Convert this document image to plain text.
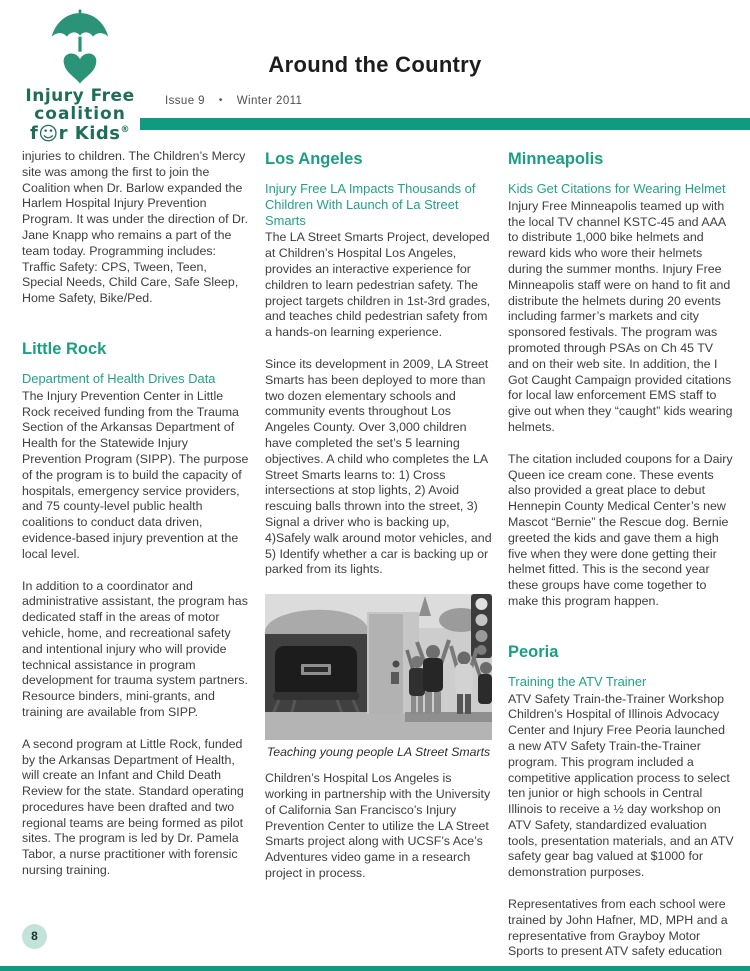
Injury Free
coalition
f☺r Kids®
Around the Country
Issue 9 • Winter 2011

injuries to children. The Children’s Mercy site was among the first to join the Coalition when Dr. Barlow expanded the Harlem Hospital Injury Prevention Program. It was under the direction of Dr. Jane Knapp who remains a part of the team today. Programming includes: Traffic Safety: CPS, Tween, Teen, Special Needs, Child Care, Safe Sleep, Home Safety, Bike/Ped.

Little Rock
Department of Health Drives Data

The Injury Prevention Center in Little Rock received funding from the Trauma Section of the Arkansas Department of Health for the Statewide Injury Prevention Program (SIPP). The purpose of the program is to build the capacity of hospitals, emergency service providers, and 75 county-level public health coalitions to conduct data driven, evidence-based injury prevention at the local level.

In addition to a coordinator and administrative assistant, the program has dedicated staff in the areas of motor vehicle, home, and recreational safety and intentional injury who will provide technical assistance in program development for trauma system partners. Resource binders, mini-grants, and training are available from SIPP.

A second program at Little Rock, funded by the Arkansas Department of Health, will create an Infant and Child Death Review for the state. Standard operating procedures have been drafted and two regional teams are being formed as pilot sites. The program is led by Dr. Pamela Tabor, a nurse practitioner with forensic nursing training.

Los Angeles
Injury Free LA Impacts Thousands of Children With Launch of La Street Smarts

The LA Street Smarts Project, developed at Children’s Hospital Los Angeles, provides an interactive experience for children to learn pedestrian safety. The project targets children in 1st-3rd grades, and teaches child pedestrian safety from a hands-on learning experience.

Since its development in 2009, LA Street Smarts has been deployed to more than two dozen elementary schools and community events throughout Los Angeles County. Over 3,000 children have completed the set’s 5 learning objectives. A child who completes the LA Street Smarts learns to: 1) Cross intersections at stop lights, 2) Avoid rescuing balls thrown into the street, 3) Signal a driver who is backing up, 4)Safely walk around motor vehicles, and 5) Identify whether a car is backing up or parked from its lights.

Teaching young people LA Street Smarts

Children’s Hospital Los Angeles is working in partnership with the University of California San Francisco’s Injury Prevention Center to utilize the LA Street Smarts project along with UCSF’s Ace’s Adventures video game in a research project in process.

Minneapolis
Kids Get Citations for Wearing Helmet

Injury Free Minneapolis teamed up with the local TV channel KSTC-45 and AAA to distribute 1,000 bike helmets and reward kids who wore their helmets during the summer months. Injury Free Minneapolis staff were on hand to fit and distribute the helmets during 20 events including farmer’s markets and city sponsored festivals. The program was promoted through PSAs on Ch 45 TV and on their web site. In addition, the I Got Caught Campaign provided citations for local law enforcement EMS staff to give out when they “caught” kids wearing helmets.

The citation included coupons for a Dairy Queen ice cream cone. These events also provided a great place to debut Hennepin County Medical Center’s new Mascot “Bernie” the Rescue dog. Bernie greeted the kids and gave them a high five when they were done getting their helmet fitted. This is the second year these groups have come together to make this program happen.

Peoria
Training the ATV Trainer

ATV Safety Train-the-Trainer Workshop Children’s Hospital of Illinois Advocacy Center and Injury Free Peoria launched a new ATV Safety Train-the-Trainer program. This program included a competitive application process to select ten junior or high schools in Central Illinois to receive a ½ day workshop on ATV Safety, standardized evaluation tools, presentation materials, and an ATV safety gear bag valued at $1000 for demonstration purposes.

Representatives from each school were trained by John Hafner, MD, MPH and a representative from Grayboy Motor Sports to present ATV safety education

8
